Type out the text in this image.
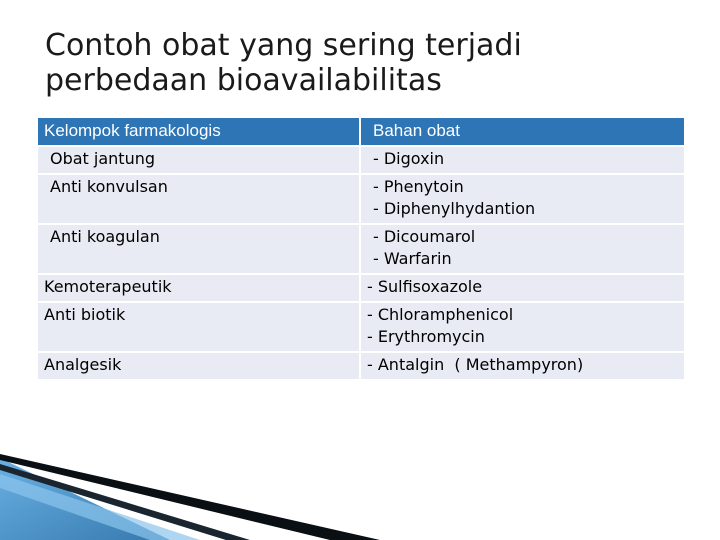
Contoh obat yang sering terjadi
perbedaan bioavailabilitas
Kelompok farmakologis	Bahan obat
Obat jantung	- Digoxin

Anti konvulsan	- Phenytoin
- Diphenylhydantion

Anti koagulan	- Dicoumarol
- Warfarin

Kemoterapeutik	- Sulfisoxazole

Anti biotik	- Chloramphenicol
- Erythromycin

Analgesik	- Antalgin  ( Methampyron)
